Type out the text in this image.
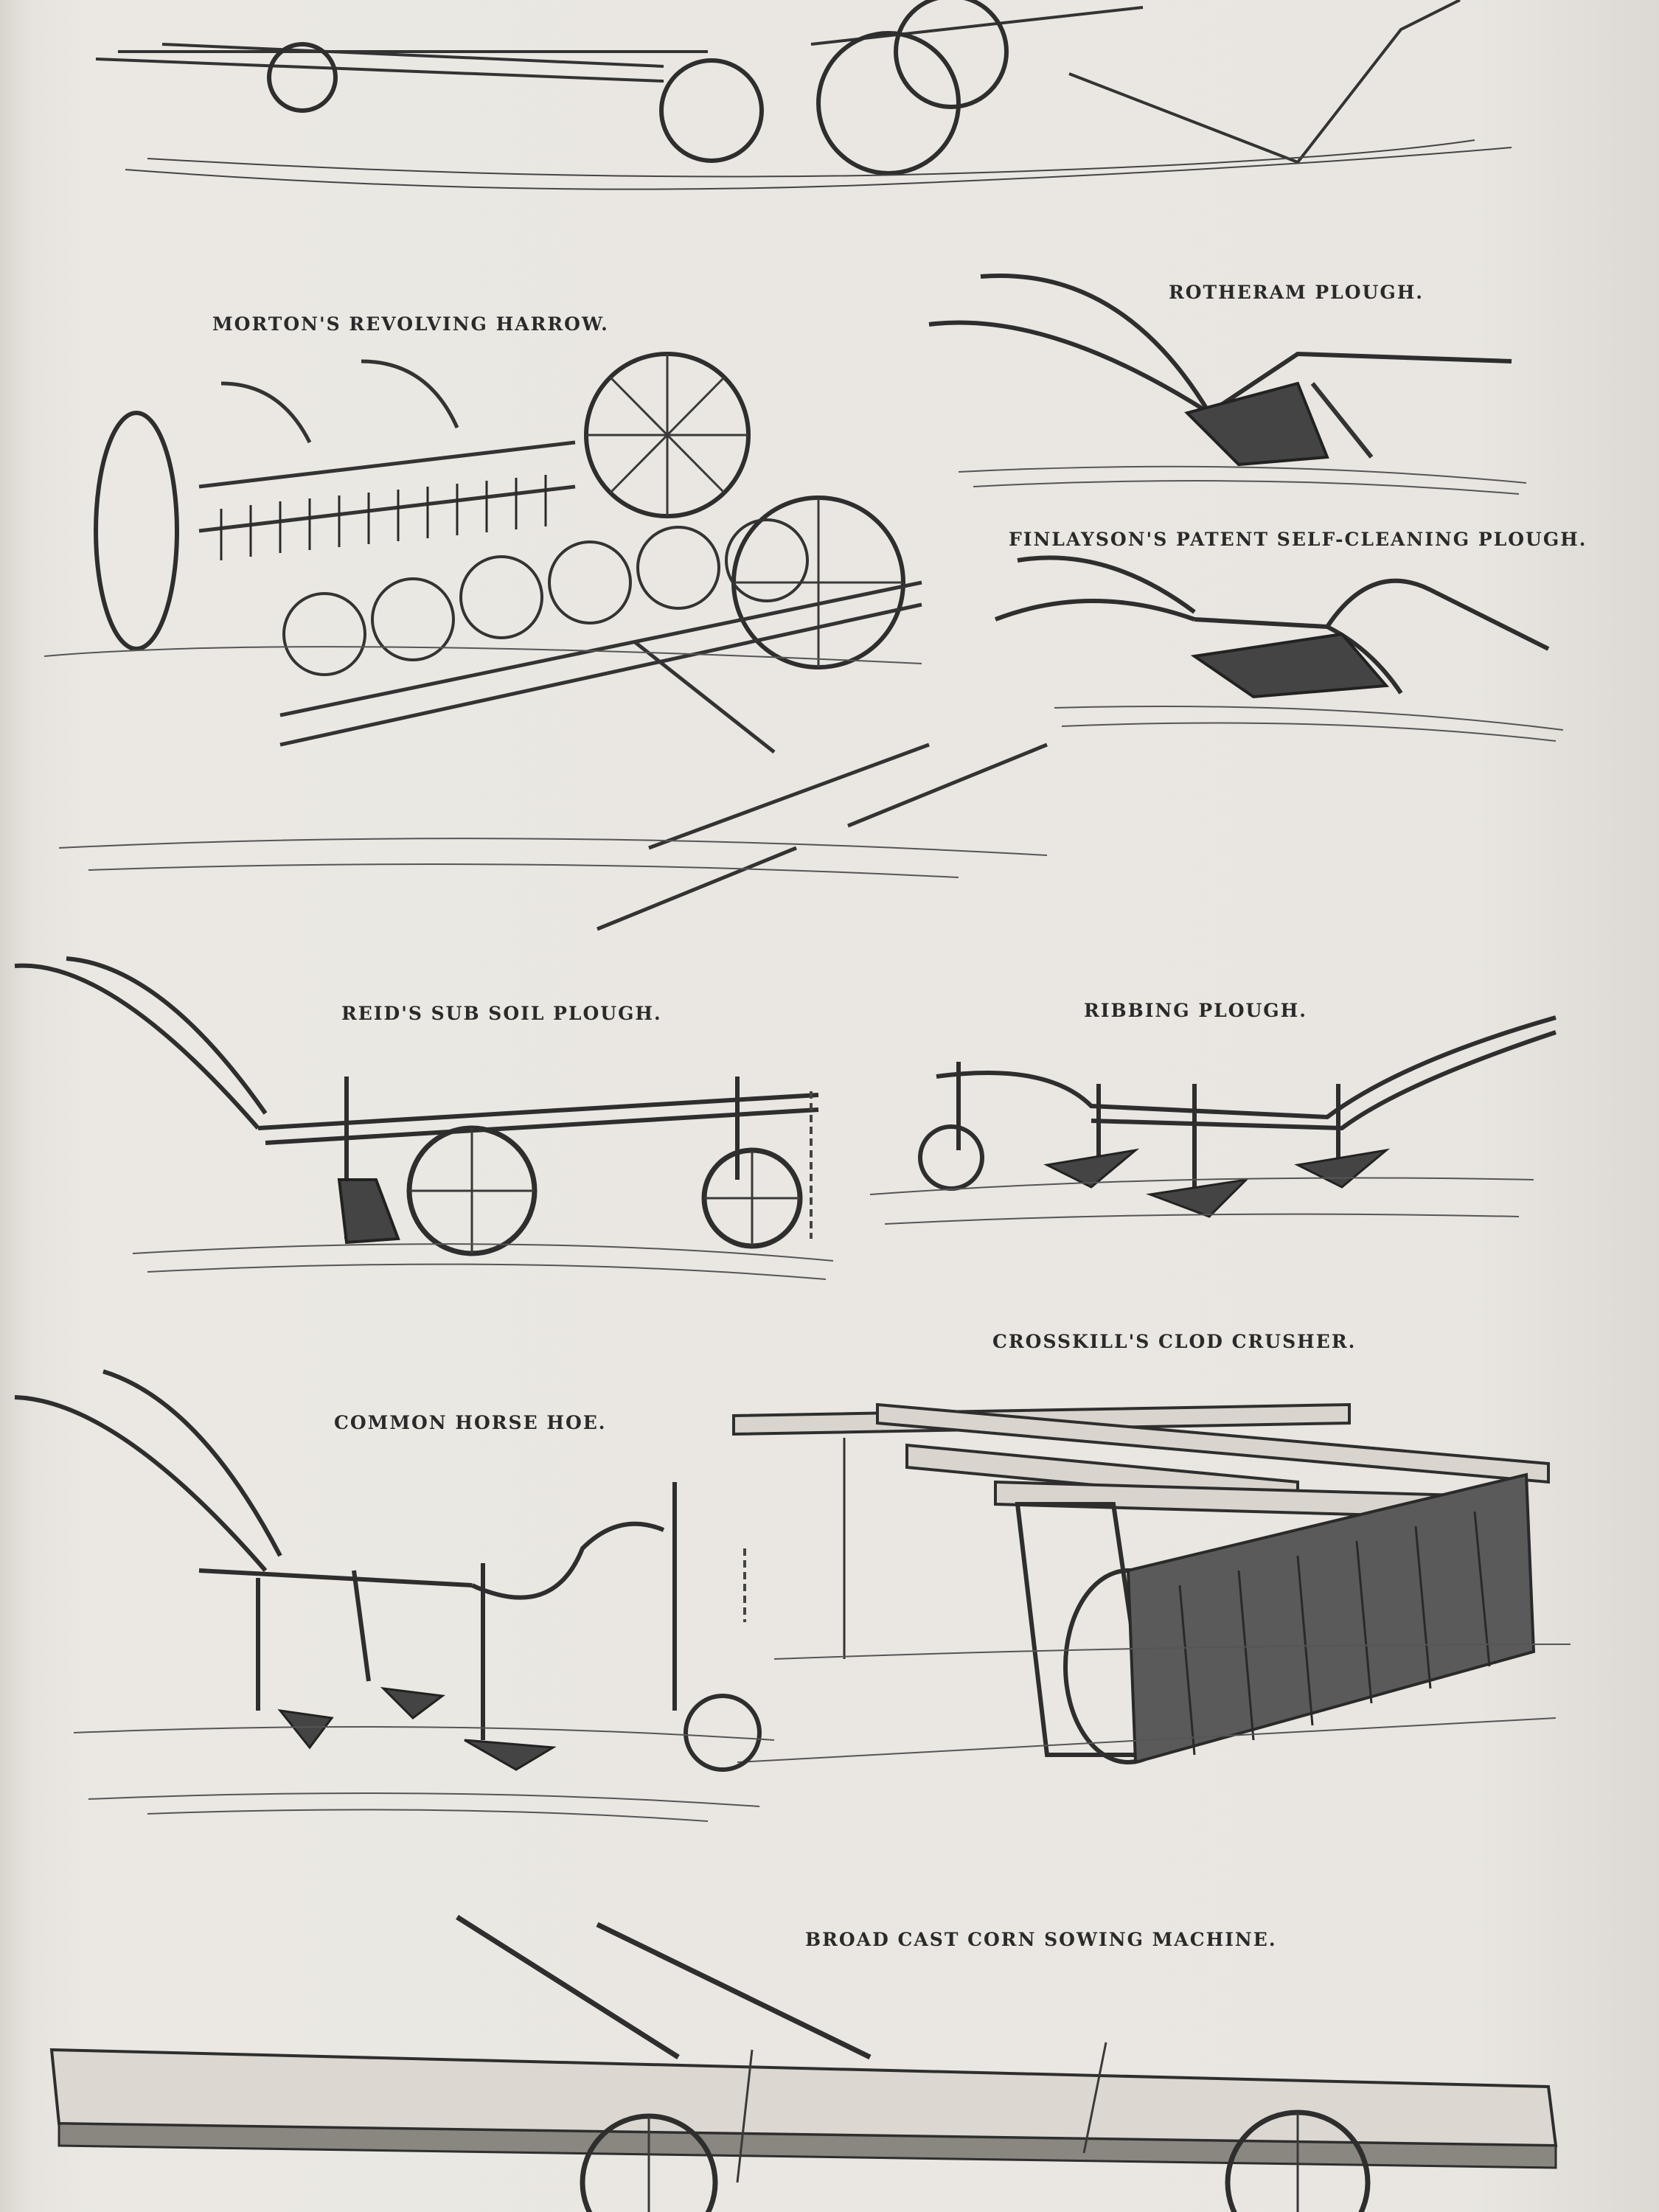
MORTON'S REVOLVING HARROW.
ROTHERAM PLOUGH.
FINLAYSON'S PATENT SELF-CLEANING PLOUGH.
REID'S SUB SOIL PLOUGH.	RIBBING PLOUGH.
CROSSKILL'S CLOD CRUSHER.
COMMON HORSE HOE.
BROAD CAST CORN SOWING MACHINE.
